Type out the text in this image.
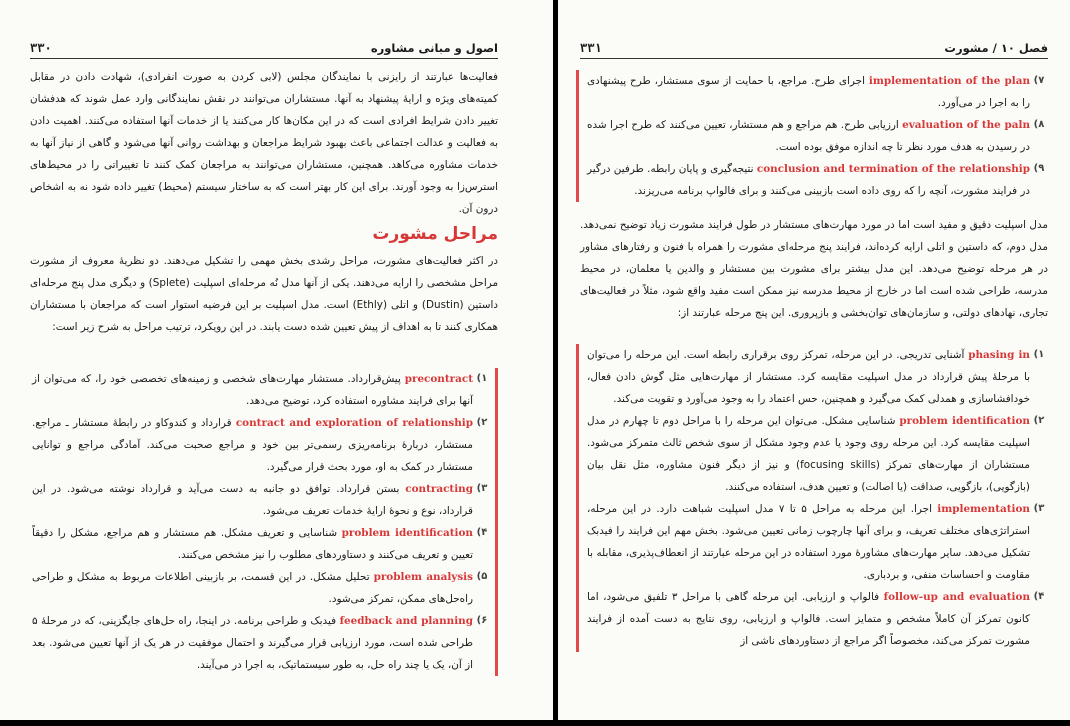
اصول و مبانی مشاوره
۳۳۰
فعالیت‌ها عبارتند از رایزنی با نمایندگان مجلس (لابی کردن به صورت انفرادی)، شهادت دادن در مقابل کمیته‌های ویژه و ارایهٔ پیشنهاد به آنها. مستشاران می‌توانند در نقش نمایندگانی وارد عمل شوند که هدفشان تغییر دادن شرایط افرادی است که در این مکان‌ها کار می‌کنند یا از خدمات آنها استفاده می‌کنند. اهمیت دادن به فعالیت و عدالت اجتماعی باعث بهبود شرایط مراجعان و بهداشت روانی آنها می‌شود و گاهی از نیاز آنها به خدمات مشاوره می‌کاهد. همچنین، مستشاران می‌توانند به مراجعان کمک کنند تا تغییراتی را در محیط‌های استرس‌زا به وجود آورند. برای این کار بهتر است که به ساختار سیستم (محیط) تغییر داده شود نه به اشخاص درون آن.
مراحل مشورت
در اکثر فعالیت‌های مشورت، مراحل رشدی بخش مهمی را تشکیل می‌دهند. دو نظریهٔ معروف از مشورت مراحل مشخصی را ارایه می‌دهند. یکی از آنها مدل نُه مرحله‌ای اسپلیت (Splete) و دیگری مدل پنج مرحله‌ای داستین (Dustin) و اتلی (Ethly) است. مدل اسپلیت بر این فرضیه استوار است که مراجعان با مستشاران همکاری کنند تا به اهداف از پیش تعیین شده دست یابند. در این رویکرد، ترتیب مراحل به شرح زیر است:
۱)
precontract پیش‌قرارداد. مستشار مهارت‌های شخصی و زمینه‌های تخصصی خود را، که می‌توان از آنها برای فرایند مشاوره استفاده کرد، توضیح می‌دهد.
۲)
contract and exploration of relationship قرارداد و کندوکاو در رابطهٔ مستشار ـ مراجع. مستشار، دربارهٔ برنامه‌ریزی رسمی‌تر بین خود و مراجع صحبت می‌کند. آمادگی مراجع و توانایی مستشار در کمک به او، مورد بحث قرار می‌گیرد.
۳)
contracting بستن قرارداد. توافق دو جانبه به دست می‌آید و قرارداد نوشته می‌شود. در این قرارداد، نوع و نحوهٔ ارایهٔ خدمات تعریف می‌شود.
۴)
problem identification شناسایی و تعریف مشکل. هم مستشار و هم مراجع، مشکل را دقیقاً تعیین و تعریف می‌کنند و دستاوردهای مطلوب را نیز مشخص می‌کنند.
۵)
problem analysis تحلیل مشکل. در این قسمت، بر بازبینی اطلاعات مربوط به مشکل و طراحی راه‌حل‌های ممکن، تمرکز می‌شود.
۶)
feedback and planning فیدبک و طراحی برنامه. در اینجا، راه حل‌های جایگزینی، که در مرحلهٔ ۵ طراحی شده است، مورد ارزیابی قرار می‌گیرند و احتمال موفقیت در هر یک از آنها تعیین می‌شود. بعد از آن، یک یا چند راه حل، به طور سیستماتیک، به اجرا در می‌آیند.
فصل ۱۰ / مشورت
۳۳۱
۷)
implementation of the plan اجرای طرح. مراجع، با حمایت از سوی مستشار، طرح پیشنهادی را به اجرا در می‌آورد.
۸)
evaluation of the paln ارزیابی طرح. هم مراجع و هم مستشار، تعیین می‌کنند که طرح اجرا شده در رسیدن به هدف مورد نظر تا چه اندازه موفق بوده است.
۹)
conclusion and termination of the relationship نتیجه‌گیری و پایان رابطه. طرفین درگیر در فرایند مشورت، آنچه را که روی داده است بازبینی می‌کنند و برای فالواپ برنامه می‌ریزند.
مدل اسپلیت دقیق و مفید است اما در مورد مهارت‌های مستشار در طول فرایند مشورت زیاد توضیح نمی‌دهد. مدل دوم، که داستین و اتلی ارایه کرده‌اند، فرایند پنج مرحله‌ای مشورت را همراه با فنون و رفتارهای مشاور در هر مرحله توضیح می‌دهد. این مدل بیشتر برای مشورت بین مستشار و والدین یا معلمان، در محیط مدرسه، طراحی شده است اما در خارج از محیط مدرسه نیز ممکن است مفید واقع شود، مثلاً در فعالیت‌های تجاری، نهادهای دولتی، و سازمان‌های توان‌بخشی و بازپروری. این پنج مرحله عبارتند از:
۱)
phasing in آشنایی تدریجی. در این مرحله، تمرکز روی برقراری رابطه است. این مرحله را می‌توان با مرحلهٔ پیش قرارداد در مدل اسپلیت مقایسه کرد. مستشار از مهارت‌هایی مثل گوش دادن فعال، خودافشاسازی و همدلی کمک می‌گیرد و همچنین، حس اعتماد را به وجود می‌آورد و تقویت می‌کند.
۲)
problem identification شناسایی مشکل. می‌توان این مرحله را با مراحل دوم تا چهارم در مدل اسپلیت مقایسه کرد. این مرحله روی وجود یا عدم وجود مشکل از سوی شخص ثالث متمرکز می‌شود. مستشاران از مهارت‌های تمرکز (focusing skills) و نیز از دیگر فنون مشاوره، مثل نقل بیان (بازگویی)، بازگویی، صداقت (یا اصالت) و تعیین هدف، استفاده می‌کنند.
۳)
implementation اجرا. این مرحله به مراحل ۵ تا ۷ مدل اسپلیت شباهت دارد. در این مرحله، استراتژی‌های مختلف تعریف، و برای آنها چارچوب زمانی تعیین می‌شود. بخش مهم این فرایند را فیدبک تشکیل می‌دهد. سایر مهارت‌های مشاورهٔ مورد استفاده در این مرحله عبارتند از انعطاف‌پذیری، مقابله با مقاومت و احساسات منفی، و بردباری.
۴)
follow-up and evaluation فالواپ و ارزیابی. این مرحله گاهی با مراحل ۳ تلفیق می‌شود، اما کانون تمرکز آن کاملاً مشخص و متمایز است. فالواپ و ارزیابی، روی نتایج به دست آمده از فرایند مشورت تمرکز می‌کند، مخصوصاً اگر مراجع از دستاوردهای ناشی از
